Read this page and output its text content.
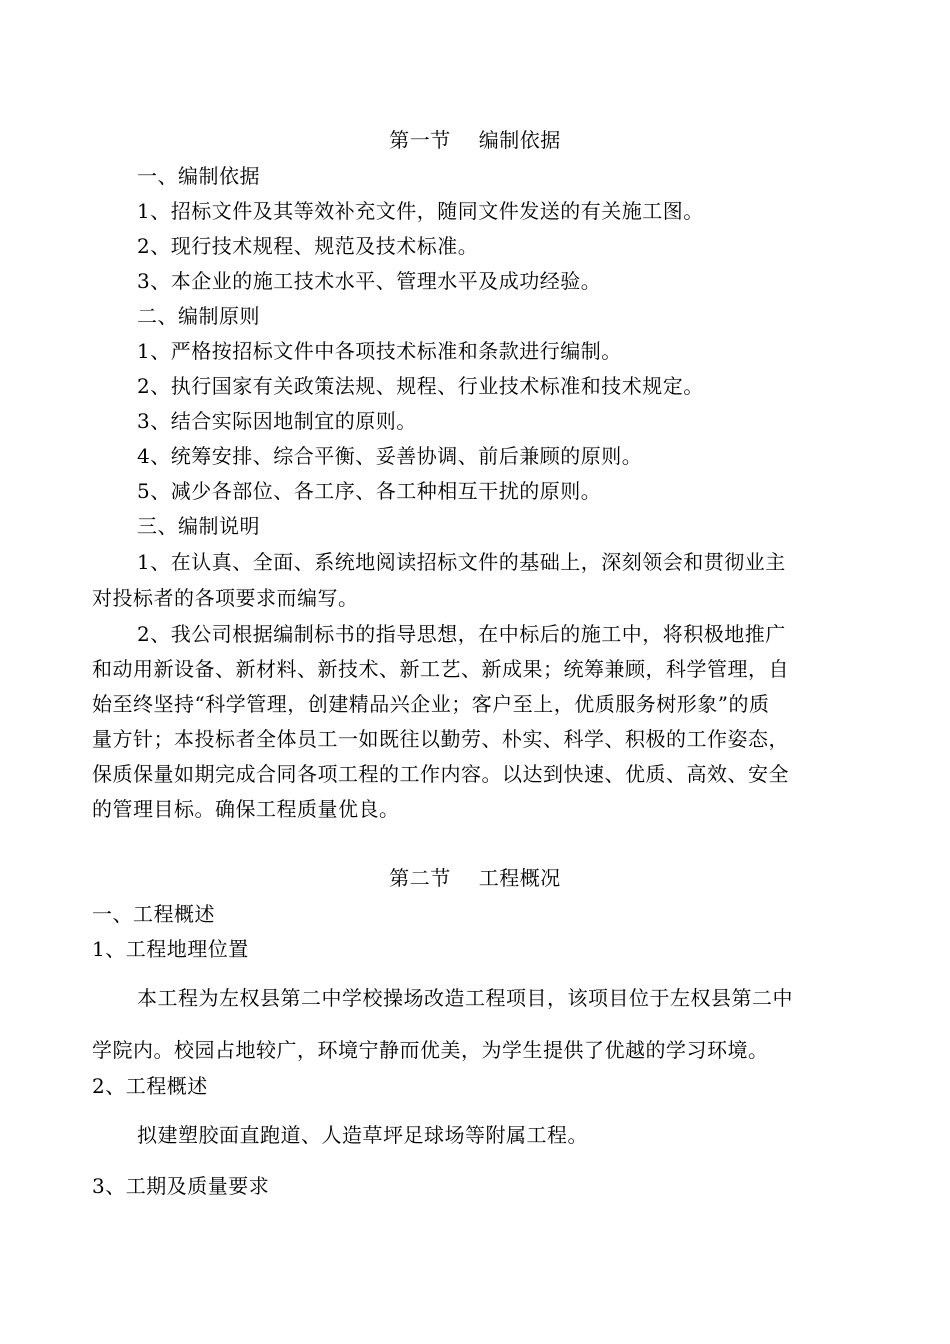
第一节 编制依据
一、编制依据
1、招标文件及其等效补充文件，随同文件发送的有关施工图。
2、现行技术规程、规范及技术标准。
3、本企业的施工技术水平、管理水平及成功经验。
二、编制原则
1、严格按招标文件中各项技术标准和条款进行编制。
2、执行国家有关政策法规、规程、行业技术标准和技术规定。
3、结合实际因地制宜的原则。
4、统筹安排、综合平衡、妥善协调、前后兼顾的原则。
5、减少各部位、各工序、各工种相互干扰的原则。
三、编制说明
1、在认真、全面、系统地阅读招标文件的基础上，深刻领会和贯彻业主
对投标者的各项要求而编写。
2、我公司根据编制标书的指导思想，在中标后的施工中，将积极地推广
和动用新设备、新材料、新技术、新工艺、新成果；统筹兼顾，科学管理，自
始至终坚持“科学管理，创建精品兴企业；客户至上，优质服务树形象”的质
量方针；本投标者全体员工一如既往以勤劳、朴实、科学、积极的工作姿态，
保质保量如期完成合同各项工程的工作内容。以达到快速、优质、高效、安全
的管理目标。确保工程质量优良。
第二节 工程概况
一、工程概述
1、工程地理位置
本工程为左权县第二中学校操场改造工程项目，该项目位于左权县第二中
学院内。校园占地较广，环境宁静而优美，为学生提供了优越的学习环境。
2、工程概述
拟建塑胶面直跑道、人造草坪足球场等附属工程。
3、工期及质量要求
